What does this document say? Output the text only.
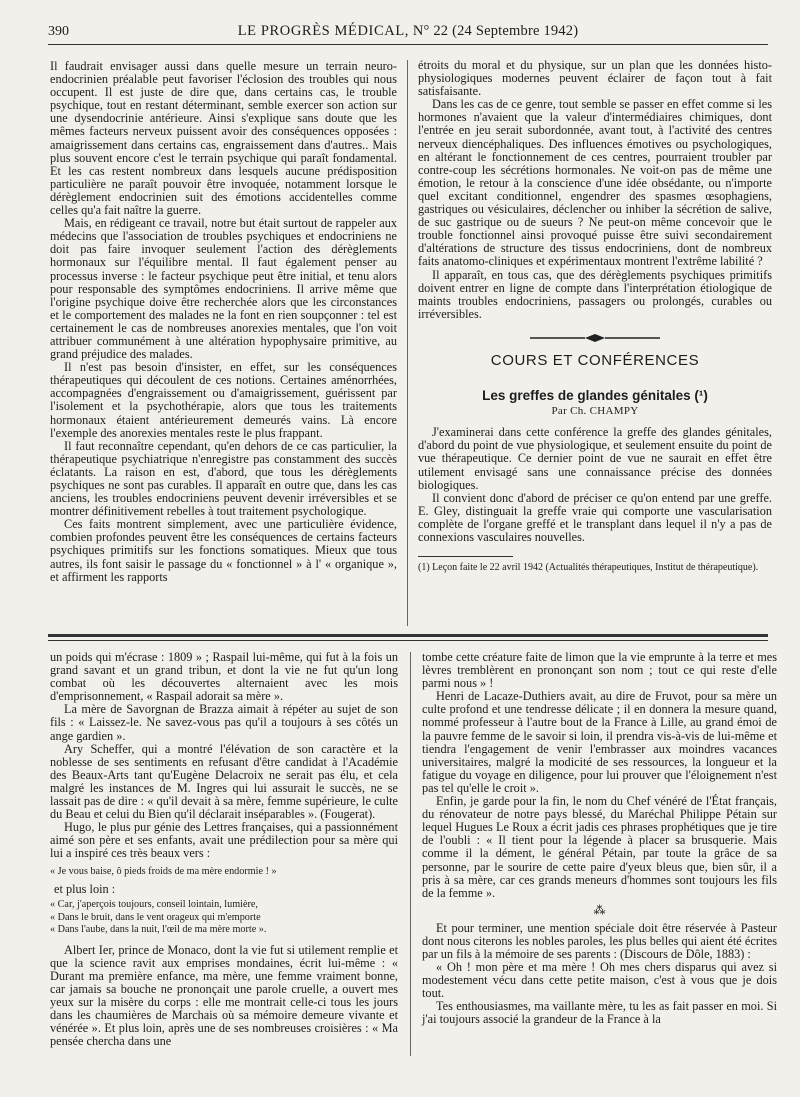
390	LE PROGRÈS MÉDICAL, N° 22 (24 Septembre 1942)

Il faudrait envisager aussi dans quelle mesure un terrain neuro-endocrinien préalable peut favoriser l'éclosion des troubles qui nous occupent. Il est juste de dire que, dans certains cas, le trouble psychique, tout en restant déterminant, semble exercer son action sur une dysendocrinie antérieure. Ainsi s'explique sans doute que les mêmes facteurs nerveux puissent avoir des conséquences opposées : amaigrissement dans certains cas, engraissement dans d'autres.. Mais plus souvent encore c'est le terrain psychique qui paraît fondamental. Et les cas restent nombreux dans lesquels aucune prédisposition particulière ne paraît pouvoir être invoquée, notamment lorsque le dérèglement endocrinien suit des émotions accidentelles comme celles qu'a fait naître la guerre.

Mais, en rédigeant ce travail, notre but était surtout de rappeler aux médecins que l'association de troubles psychiques et endocriniens ne doit pas faire invoquer seulement l'action des dérèglements hormonaux sur l'équilibre mental. Il faut également penser au processus inverse : le facteur psychique peut être initial, et tenu alors pour responsable des symptômes endocriniens. Il arrive même que l'origine psychique doive être recherchée alors que les circonstances et le comportement des malades ne la font en rien soupçonner : tel est certainement le cas de nombreuses anorexies mentales, que l'on voit attribuer communément à une altération hypophysaire primitive, au grand préjudice des malades.

Il n'est pas besoin d'insister, en effet, sur les conséquences thérapeutiques qui découlent de ces notions. Certaines aménorrhées, accompagnées d'engraissement ou d'amaigrissement, guérissent par l'isolement et la psychothérapie, alors que tous les traitements hormonaux étaient antérieurement demeurés vains. Là encore l'exemple des anorexies mentales reste le plus frappant.

Il faut reconnaître cependant, qu'en dehors de ce cas particulier, la thérapeutique psychiatrique n'enregistre pas constamment des succès éclatants. La raison en est, d'abord, que tous les dérèglements psychiques ne sont pas curables. Il apparaît en outre que, dans les cas anciens, les troubles endocriniens peuvent devenir irréversibles et se montrer définitivement rebelles à tout traitement psychologique.

Ces faits montrent simplement, avec une particulière évidence, combien profondes peuvent être les conséquences de certains facteurs psychiques primitifs sur les fonctions somatiques. Mieux que tous autres, ils font saisir le passage du « fonctionnel » à l' « organique », et affirment les rapports

étroits du moral et du physique, sur un plan que les données histo-physiologiques modernes peuvent éclairer de façon tout à fait satisfaisante.

Dans les cas de ce genre, tout semble se passer en effet comme si les hormones n'avaient que la valeur d'intermédiaires chimiques, dont l'entrée en jeu serait subordonnée, avant tout, à l'activité des centres nerveux diencéphaliques. Des influences émotives ou psychologiques, en altérant le fonctionnement de ces centres, pourraient troubler par contre-coup les sécrétions hormonales. Ne voit-on pas de même une émotion, le retour à la conscience d'une idée obsédante, ou n'importe quel excitant conditionnel, engendrer des spasmes œsophagiens, gastriques ou vésiculaires, déclencher ou inhiber la sécrétion de salive, de suc gastrique ou de sueurs ? Ne peut-on même concevoir que le trouble fonctionnel ainsi provoqué puisse être suivi secondairement d'altérations de structure des tissus endocriniens, dont de nombreux faits anatomo-cliniques et expérimentaux montrent l'extrême labilité ?

Il apparaît, en tous cas, que des dérèglements psychiques primitifs doivent entrer en ligne de compte dans l'interprétation étiologique de maints troubles endocriniens, passagers ou prolongés, curables ou irréversibles.

COURS ET CONFÉRENCES
Les greffes de glandes génitales (¹)
Par Ch. CHAMPY

J'examinerai dans cette conférence la greffe des glandes génitales, d'abord du point de vue physiologique, et seulement ensuite du point de vue thérapeutique. Ce dernier point de vue ne saurait en effet être utilement envisagé sans une connaissance précise des données biologiques.

Il convient donc d'abord de préciser ce qu'on entend par une greffe. E. Gley, distinguait la greffe vraie qui comporte une vascularisation complète de l'organe greffé et le transplant dans lequel il n'y a pas de connexions vasculaires nouvelles.

(1) Leçon faite le 22 avril 1942 (Actualités thérapeutiques, Institut de thérapeutique).

un poids qui m'écrase : 1809 » ; Raspail lui-même, qui fut à la fois un grand savant et un grand tribun, et dont la vie ne fut qu'un long combat où les découvertes alternaient avec les mois d'emprisonnement, « Raspail adorait sa mère ».

La mère de Savorgnan de Brazza aimait à répéter au sujet de son fils : « Laissez-le. Ne savez-vous pas qu'il a toujours à ses côtés un ange gardien ».

Ary Scheffer, qui a montré l'élévation de son caractère et la noblesse de ses sentiments en refusant d'être candidat à l'Académie des Beaux-Arts tant qu'Eugène Delacroix ne serait pas élu, et cela malgré les instances de M. Ingres qui lui assurait le succès, ne se lassait pas de dire : « qu'il devait à sa mère, femme supérieure, le culte du Beau et celui du Bien qu'il déclarait inséparables ». (Fougerat).

Hugo, le plus pur génie des Lettres françaises, qui a passionnément aimé son père et ses enfants, avait une prédilection pour sa mère qui lui a inspiré ces très beaux vers :

« Je vous baise, ô pieds froids de ma mère endormie ! »

et plus loin :

« Car, j'aperçois toujours, conseil lointain, lumière,

« Dans le bruit, dans le vent orageux qui m'emporte

« Dans l'aube, dans la nuit, l'œil de ma mère morte ».

Albert Ier, prince de Monaco, dont la vie fut si utilement remplie et que la science ravit aux emprises mondaines, écrit lui-même : « Durant ma première enfance, ma mère, une femme vraiment bonne, car jamais sa bouche ne prononçait une parole cruelle, a ouvert mes yeux sur la misère du corps : elle me montrait celle-ci tous les jours dans les chaumières de Marchais où sa mémoire demeure vivante et vénérée ». Et plus loin, après une de ses nombreuses croisières : « Ma pensée chercha dans une

tombe cette créature faite de limon que la vie emprunte à la terre et mes lèvres tremblèrent en prononçant son nom ; tout ce qui reste d'elle parmi nous » !

Henri de Lacaze-Duthiers avait, au dire de Fruvot, pour sa mère un culte profond et une tendresse délicate ; il en donnera la mesure quand, nommé professeur à l'autre bout de la France à Lille, au grand émoi de la pauvre femme de le savoir si loin, il prendra vis-à-vis de lui-même et tiendra l'engagement de venir l'embrasser aux moindres vacances universitaires, malgré la modicité de ses ressources, la longueur et la fatigue du voyage en diligence, pour lui prouver que l'éloignement n'est pas tel qu'elle le croit ».

Enfin, je garde pour la fin, le nom du Chef vénéré de l'État français, du rénovateur de notre pays blessé, du Maréchal Philippe Pétain sur lequel Hugues Le Roux a écrit jadis ces phrases prophétiques que je tire de l'oubli : « Il tient pour la légende à placer sa brusquerie. Mais comme il la dément, le général Pétain, par toute la grâce de sa personne, par le sourire de cette paire d'yeux bleus que, bien sûr, il a pris à sa mère, car ces grands meneurs d'hommes sont toujours les fils de la femme ».

⁂

Et pour terminer, une mention spéciale doit être réservée à Pasteur dont nous citerons les nobles paroles, les plus belles qui aient été écrites par un fils à la mémoire de ses parents : (Discours de Dôle, 1883) :

« Oh ! mon père et ma mère ! Oh mes chers disparus qui avez si modestement vécu dans cette petite maison, c'est à vous que je dois tout.

Tes enthousiasmes, ma vaillante mère, tu les as fait passer en moi. Si j'ai toujours associé la grandeur de la France à la
